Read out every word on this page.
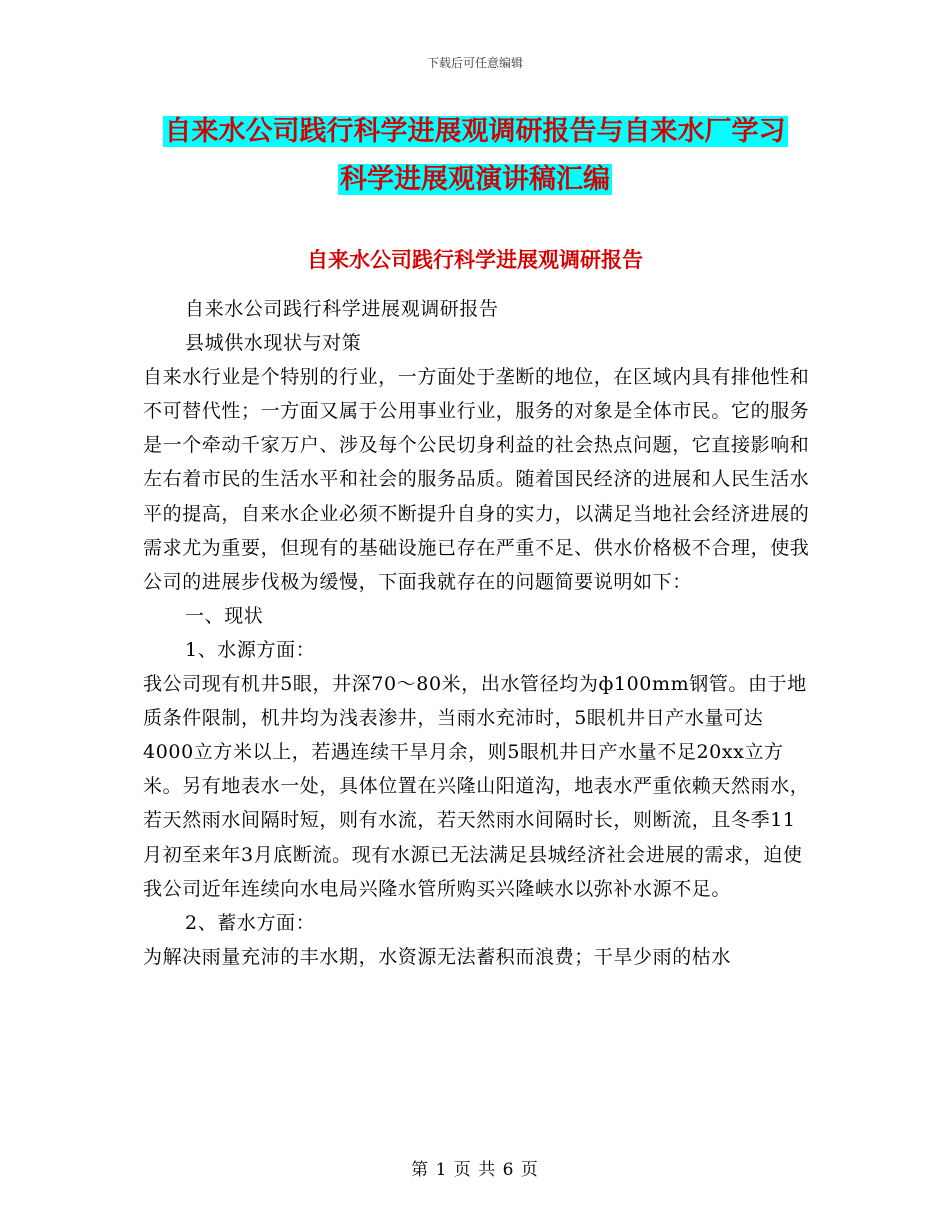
下载后可任意编辑
自来水公司践行科学进展观调研报告与自来水厂学习
科学进展观演讲稿汇编
自来水公司践行科学进展观调研报告

自来水公司践行科学进展观调研报告

县城供水现状与对策

自来水行业是个特别的行业，一方面处于垄断的地位，在区域内具有排他性和不可替代性；一方面又属于公用事业行业，服务的对象是全体市民。它的服务是一个牵动千家万户、涉及每个公民切身利益的社会热点问题，它直接影响和左右着市民的生活水平和社会的服务品质。随着国民经济的进展和人民生活水平的提高，自来水企业必须不断提升自身的实力，以满足当地社会经济进展的需求尤为重要，但现有的基础设施已存在严重不足、供水价格极不合理，使我公司的进展步伐极为缓慢，下面我就存在的问题简要说明如下：

一、现状

1、水源方面：

我公司现有机井5眼，井深70～80米，出水管径均为ф100mm钢管。由于地质条件限制，机井均为浅表渗井，当雨水充沛时，5眼机井日产水量可达4000立方米以上，若遇连续干旱月余，则5眼机井日产水量不足20xx立方米。另有地表水一处，具体位置在兴隆山阳道沟，地表水严重依赖天然雨水，若天然雨水间隔时短，则有水流，若天然雨水间隔时长，则断流，且冬季11月初至来年3月底断流。现有水源已无法满足县城经济社会进展的需求，迫使我公司近年连续向水电局兴隆水管所购买兴隆峡水以弥补水源不足。

2、蓄水方面：

为解决雨量充沛的丰水期，水资源无法蓄积而浪费；干旱少雨的枯水

第 1 页 共 6 页
